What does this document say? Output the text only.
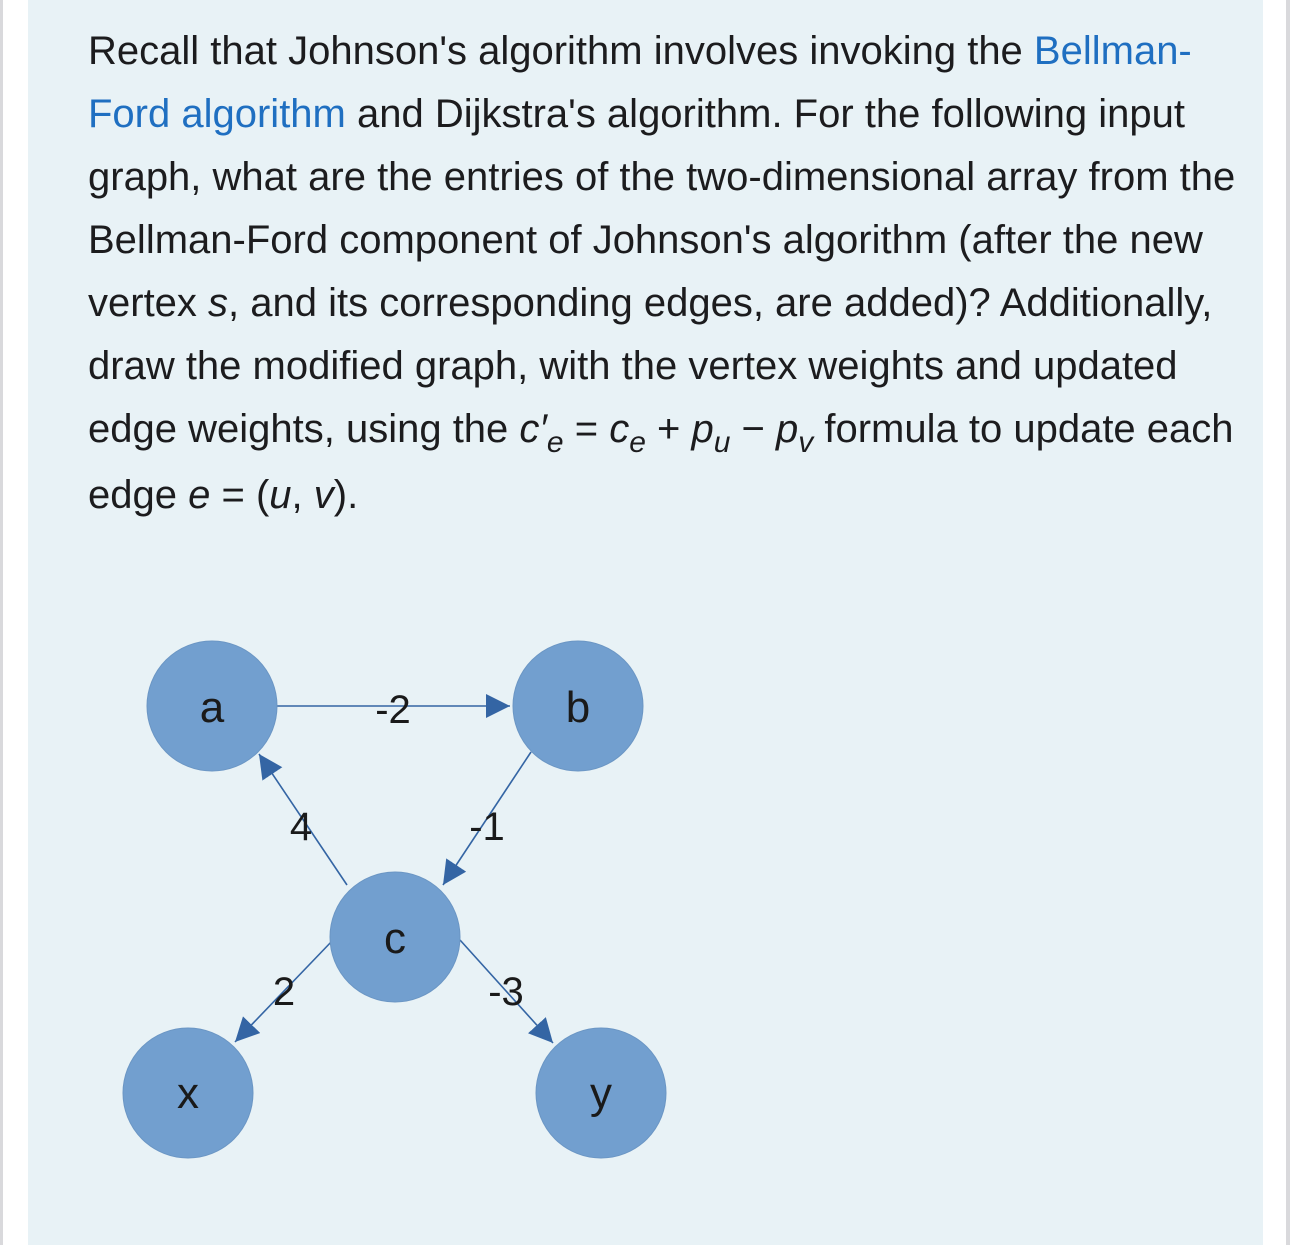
Recall that Johnson's algorithm involves invoking the Bellman-Ford algorithm and Dijkstra's algorithm. For the following input graph, what are the entries of the two-dimensional array from the Bellman-Ford component of Johnson's algorithm (after the new vertex s, and its corresponding edges, are added)? Additionally, draw the modified graph, with the vertex weights and updated edge weights, using the $c'_e = c_e + p_u - p_v$ formula to update each edge e = (u, v).

-2
4	-1
2	-3
a	b
c
x	y
